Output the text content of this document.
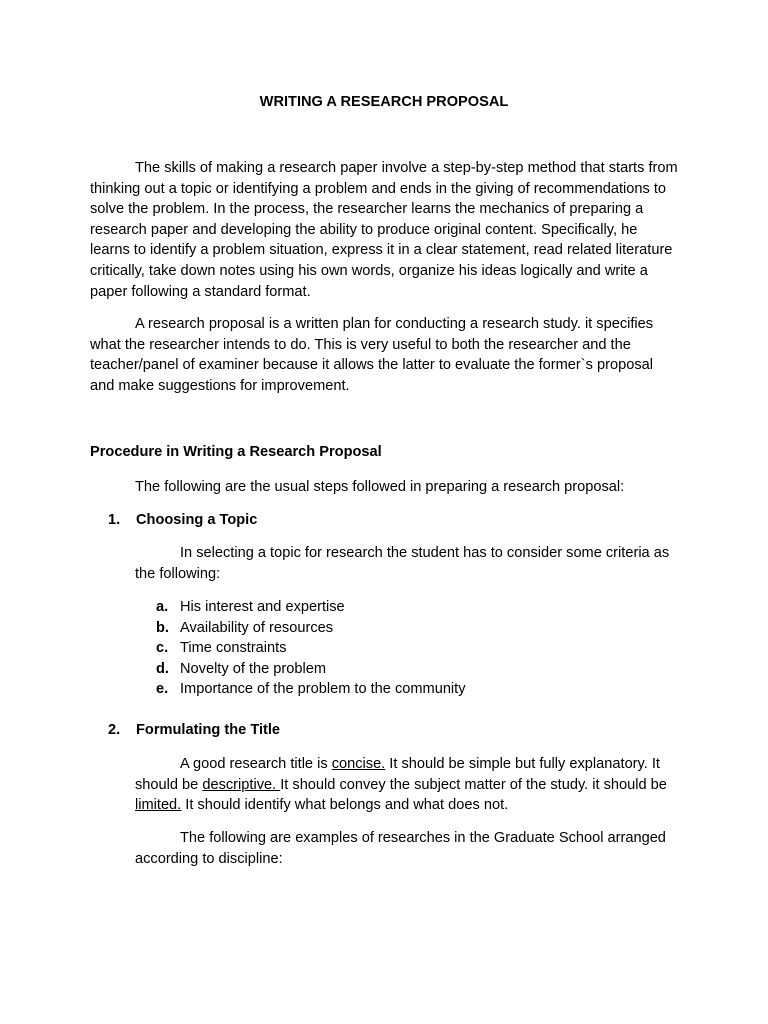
WRITING A RESEARCH PROPOSAL

The skills of making a research paper involve a step-by-step method that starts from thinking out a topic or identifying a problem and ends in the giving of recommendations to solve the problem. In the process, the researcher learns the mechanics of preparing a research paper and developing the ability to produce original content. Specifically, he learns to identify a problem situation, express it in a clear statement, read related literature critically, take down notes using his own words, organize his ideas logically and write a paper following a standard format.

A research proposal is a written plan for conducting a research study. it specifies what the researcher intends to do. This is very useful to both the researcher and the teacher/panel of examiner because it allows the latter to evaluate the former`s proposal and make suggestions for improvement.

Procedure in Writing a Research Proposal

The following are the usual steps followed in preparing a research proposal:

1. Choosing a Topic

In selecting a topic for research the student has to consider some criteria as the following:

a. His interest and expertise
b. Availability of resources
c. Time constraints
d. Novelty of the problem
e. Importance of the problem to the community

2. Formulating the Title

A good research title is concise. It should be simple but fully explanatory. It should be descriptive. It should convey the subject matter of the study. it should be limited. It should identify what belongs and what does not.

The following are examples of researches in the Graduate School arranged according to discipline:
